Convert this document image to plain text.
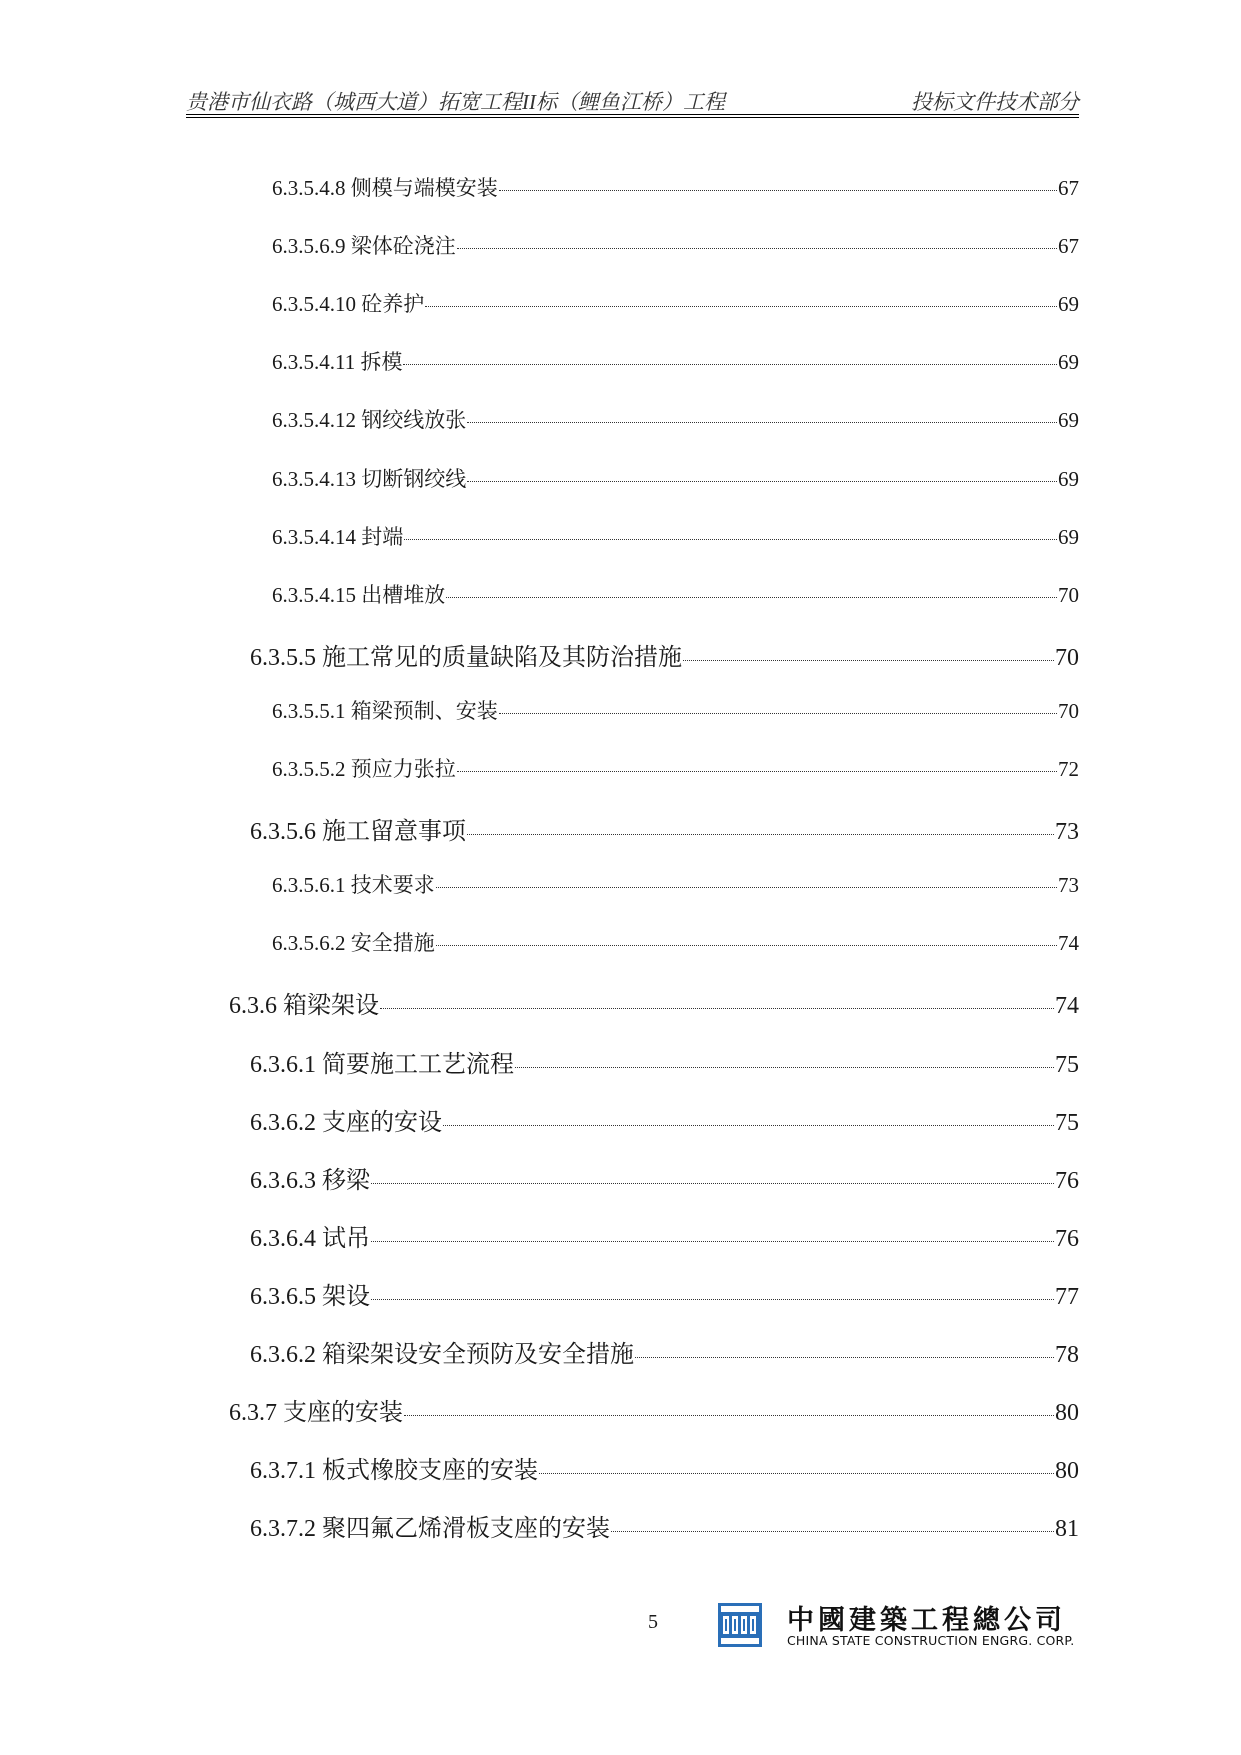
贵港市仙衣路（城西大道）拓宽工程II标（鲤鱼江桥）工程	投标文件技术部分
6.3.5.4.8 侧模与端模安装	67
6.3.5.6.9 梁体砼浇注	67
6.3.5.4.10 砼养护	69
6.3.5.4.11 拆模	69
6.3.5.4.12 钢绞线放张	69
6.3.5.4.13 切断钢绞线	69
6.3.5.4.14 封端	69
6.3.5.4.15 出槽堆放	70
6.3.5.5 施工常见的质量缺陷及其防治措施	70
6.3.5.5.1 箱梁预制、安装	70
6.3.5.5.2 预应力张拉	72
6.3.5.6 施工留意事项	73
6.3.5.6.1 技术要求	73
6.3.5.6.2 安全措施	74
6.3.6 箱梁架设	74
6.3.6.1 简要施工工艺流程	75
6.3.6.2 支座的安设	75
6.3.6.3 移梁	76
6.3.6.4 试吊	76
6.3.6.5 架设	77
6.3.6.2 箱梁架设安全预防及安全措施	78
6.3.7 支座的安装	80
6.3.7.1 板式橡胶支座的安装	80
6.3.7.2 聚四氟乙烯滑板支座的安装	81
5	中國建築工程總公司
CHINA STATE CONSTRUCTION ENGRG. CORP.
